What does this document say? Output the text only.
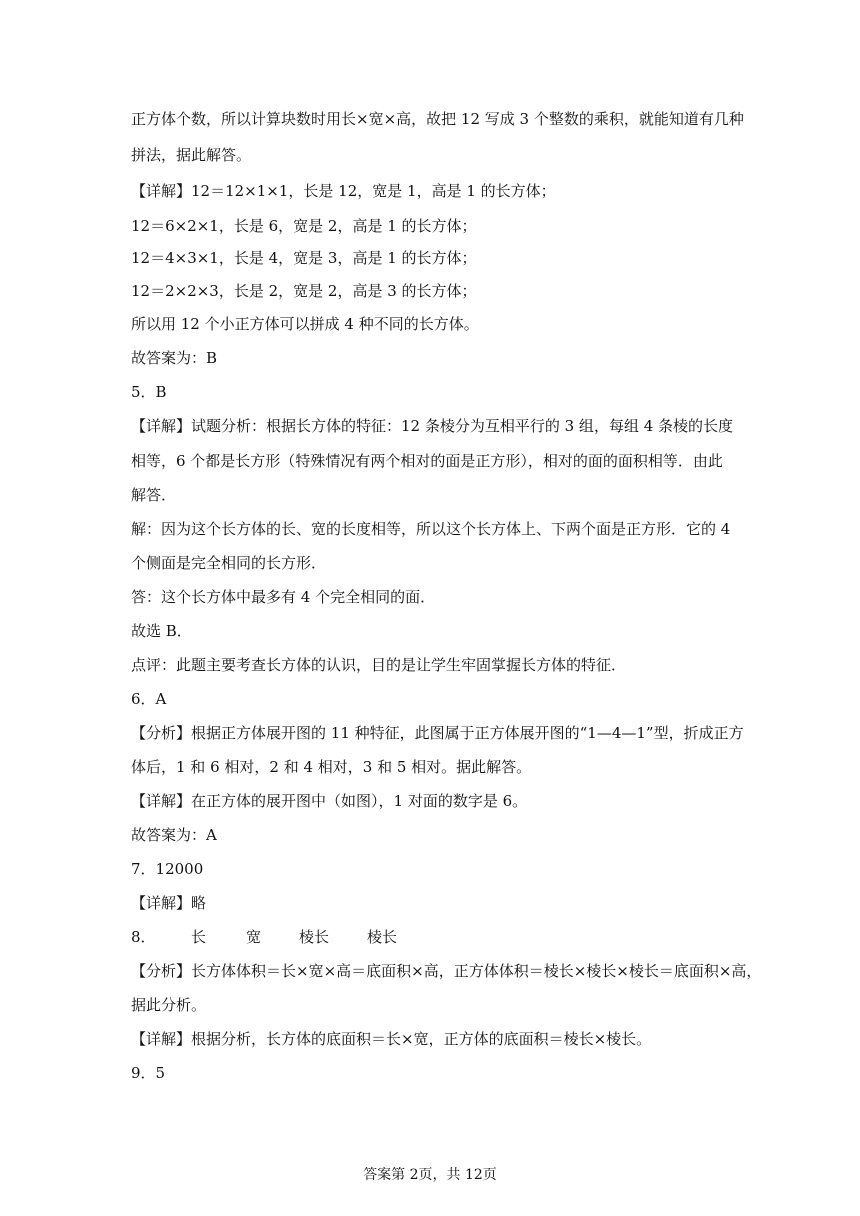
正方体个数，所以计算块数时用长×宽×高，故把 12 写成 3 个整数的乘积，就能知道有几种
拼法，据此解答。
【详解】12＝12×1×1，长是 12，宽是 1，高是 1 的长方体；
12＝6×2×1，长是 6，宽是 2，高是 1 的长方体；
12＝4×3×1，长是 4，宽是 3，高是 1 的长方体；
12＝2×2×3，长是 2，宽是 2，高是 3 的长方体；
所以用 12 个小正方体可以拼成 4 种不同的长方体。
故答案为：B
5．B
【详解】试题分析：根据长方体的特征：12 条棱分为互相平行的 3 组，每组 4 条棱的长度
相等，6 个都是长方形（特殊情况有两个相对的面是正方形），相对的面的面积相等．由此
解答．
解：因为这个长方体的长、宽的长度相等，所以这个长方体上、下两个面是正方形．它的 4
个侧面是完全相同的长方形．
答：这个长方体中最多有 4 个完全相同的面．
故选 B．
点评：此题主要考查长方体的认识，目的是让学生牢固掌握长方体的特征．
6．A
【分析】根据正方体展开图的 11 种特征，此图属于正方体展开图的“1—4—1”型，折成正方
体后，1 和 6 相对，2 和 4 相对，3 和 5 相对。据此解答。
【详解】在正方体的展开图中（如图），1 对面的数字是 6。
故答案为：A
7．12000
【详解】略
8． 长	宽	棱长	棱长
【分析】长方体体积＝长×宽×高＝底面积×高，正方体体积＝棱长×棱长×棱长＝底面积×高，
据此分析。
【详解】根据分析，长方体的底面积＝长×宽，正方体的底面积＝棱长×棱长。
9．5
答案第 2页，共 12页
